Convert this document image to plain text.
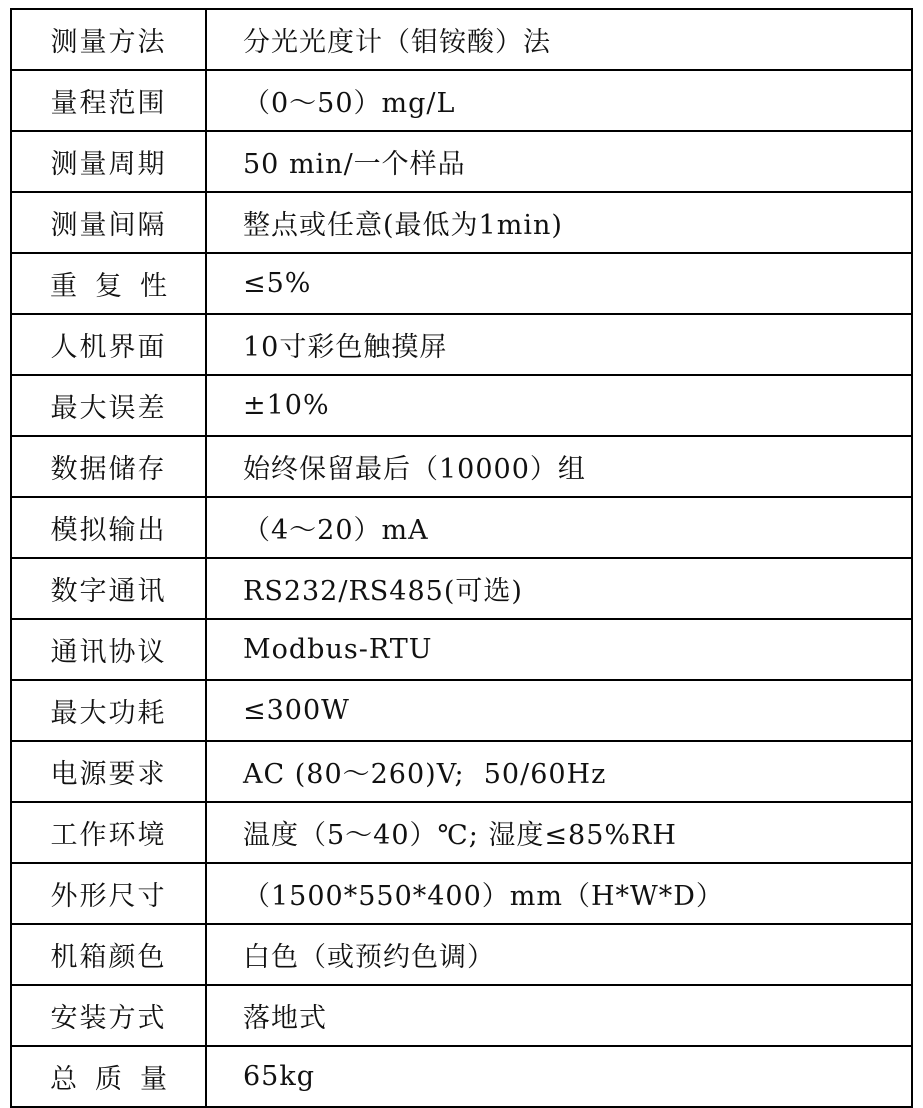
测量方法	分光光度计（钼铵酸）法
量程范围	（0～50）mg/L
测量周期	50 min/一个样品
测量间隔	整点或任意(最低为1min)
重复性	≤5%
人机界面	10寸彩色触摸屏
最大误差	±10%
数据储存	始终保留最后（10000）组
模拟输出	（4～20）mA
数字通讯	RS232/RS485(可选)
通讯协议	Modbus-RTU
最大功耗	≤300W
电源要求	AC (80～260)V;  50/60Hz
工作环境	温度（5～40）℃; 湿度≤85%RH
外形尺寸	（1500*550*400）mm（H*W*D）
机箱颜色	白色（或预约色调）
安装方式	落地式
总质量	65kg
